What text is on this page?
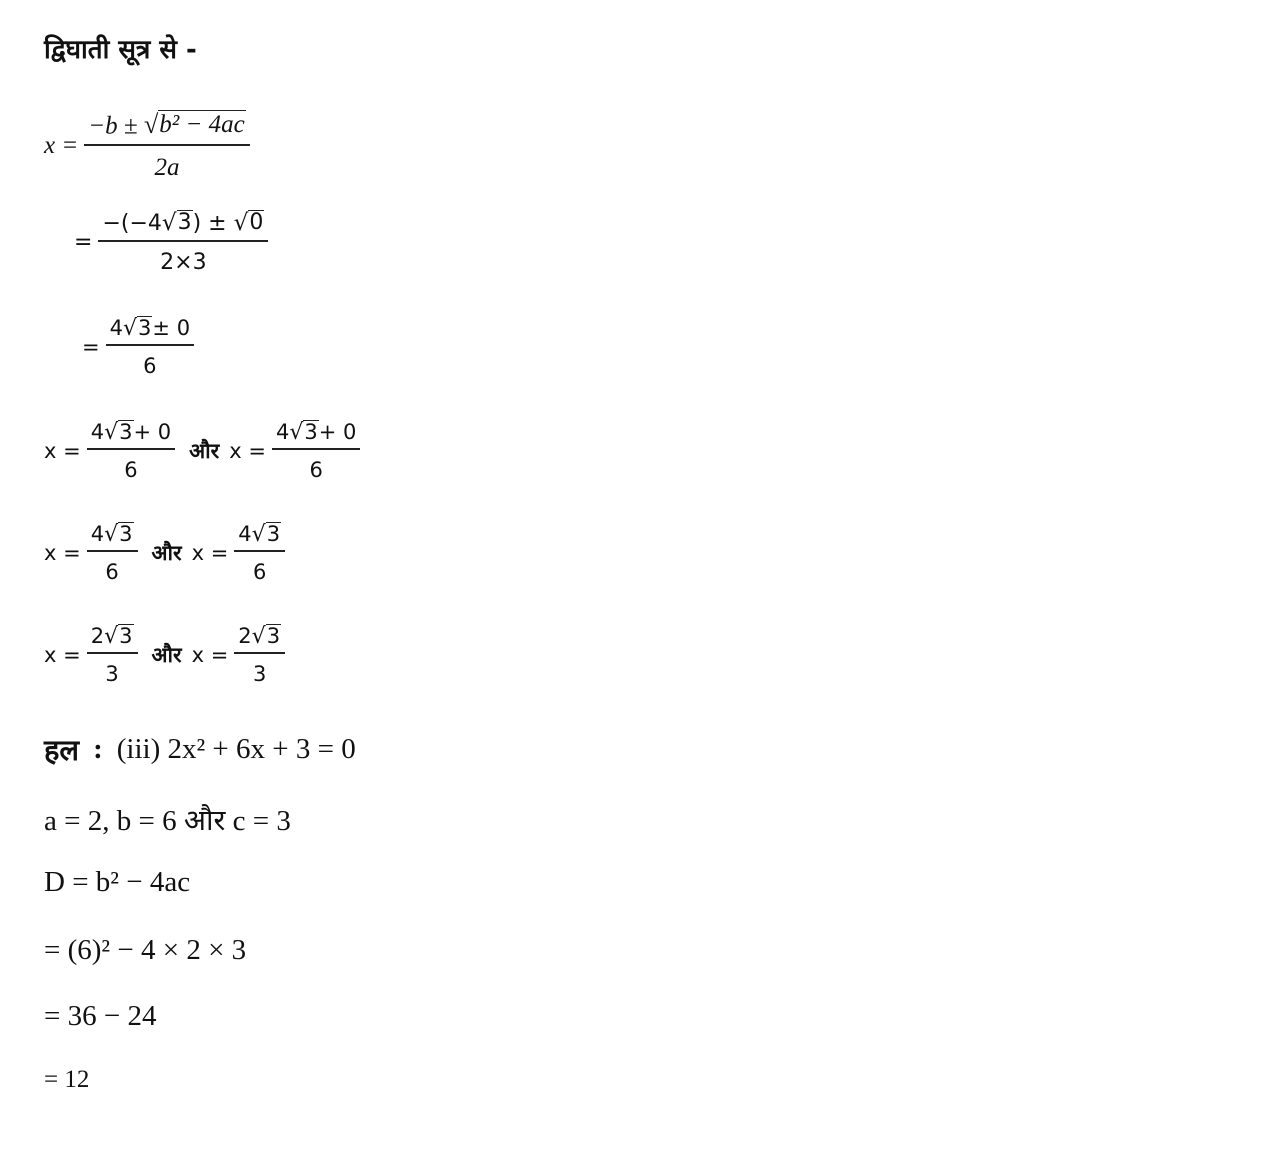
द्विघाती सूत्र से -
$x = \frac{\text{−b ± √ b² − 4ac}}{2a}$
= $\frac{-(-4 √ 3 ) \pm √ 0}{2\times 3}$
= $\frac{4 √ 3 \pm 0}{6}$
$x = \frac{4 √ 3 + 0}{6}$ और $x = \frac{4 √ 3 + 0}{6}$
$x = \frac{4 √ 3}{6}$ और $x = \frac{4 √ 3}{6}$
$x = \frac{2 √ 3}{3}$ और $x = \frac{2 √ 3}{3}$
हल : (iii) 2x² + 6x + 3 = 0
a = 2, b = 6 और c = 3
D = b² − 4ac
= (6)² − 4 × 2 × 3
= 36 − 24
= 12
